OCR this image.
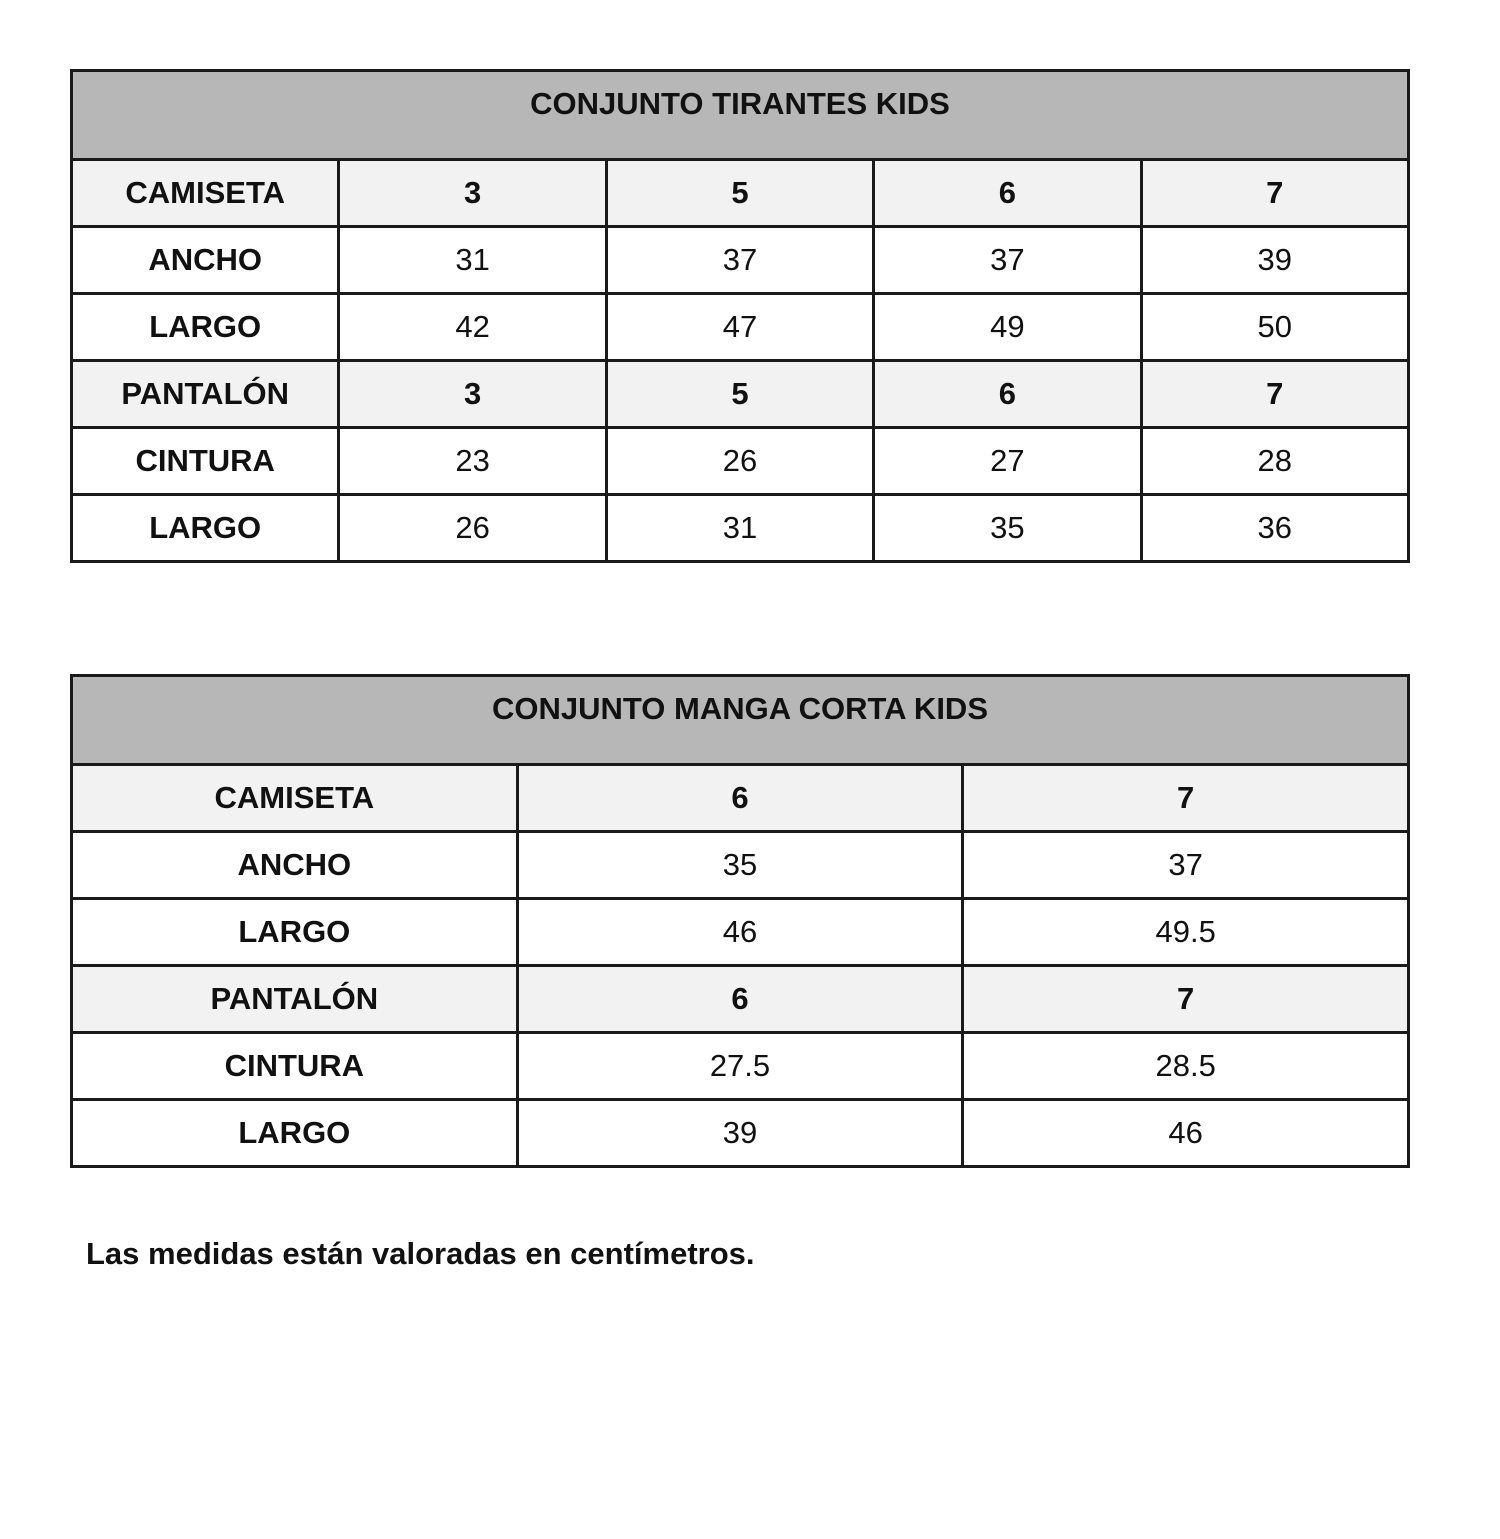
CONJUNTO TIRANTES KIDS				
CAMISETA	3	5	6	7
ANCHO	31	37	37	39
LARGO	42	47	49	50
PANTALÓN	3	5	6	7
CINTURA	23	26	27	28
LARGO	26	31	35	36
CONJUNTO MANGA CORTA KIDS		
CAMISETA	6	7
ANCHO	35	37
LARGO	46	49.5
PANTALÓN	6	7
CINTURA	27.5	28.5
LARGO	39	46

Las medidas están valoradas en centímetros.
